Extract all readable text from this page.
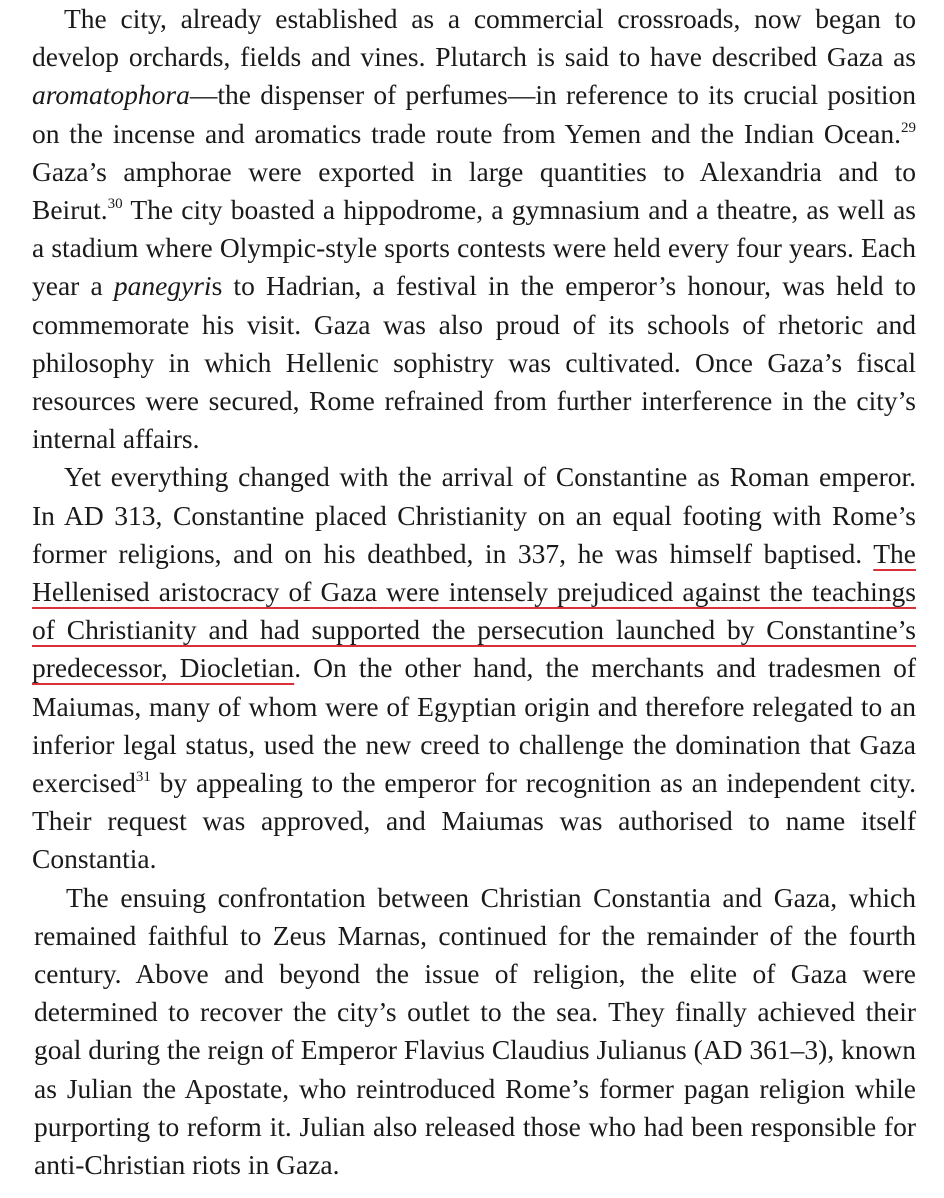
The city, already established as a commercial crossroads, now began to develop orchards, fields and vines. Plutarch is said to have described Gaza as aromatophora—the dispenser of perfumes—in reference to its crucial position on the incense and aromatics trade route from Yemen and the Indian Ocean.$^{29}$ Gaza’s amphorae were exported in large quantities to Alexandria and to Beirut.$^{30}$ The city boasted a hippodrome, a gymnasium and a theatre, as well as a stadium where Olympic-style sports contests were held every four years. Each year a panegyris to Hadrian, a festival in the emperor’s honour, was held to commemorate his visit. Gaza was also proud of its schools of rhetoric and philosophy in which Hellenic sophistry was cultivated. Once Gaza’s fiscal resources were secured, Rome refrained from further interference in the city’s internal affairs.

Yet everything changed with the arrival of Constantine as Roman emperor. In AD 313, Constantine placed Christianity on an equal footing with Rome’s former religions, and on his deathbed, in 337, he was himself baptised. The Hellenised aristocracy of Gaza were intensely prejudiced against the teachings of Christianity and had supported the persecution launched by Constantine’s predecessor, Diocletian. On the other hand, the merchants and tradesmen of Maiumas, many of whom were of Egyptian origin and therefore relegated to an inferior legal status, used the new creed to challenge the domination that Gaza exercised$^{31}$ by appealing to the emperor for recognition as an independent city. Their request was approved, and Maiumas was authorised to name itself Constantia.

The ensuing confrontation between Christian Constantia and Gaza, which remained faithful to Zeus Marnas, continued for the remainder of the fourth century. Above and beyond the issue of religion, the elite of Gaza were determined to recover the city’s outlet to the sea. They finally achieved their goal during the reign of Emperor Flavius Claudius Julianus (AD 361–3), known as Julian the Apostate, who reintroduced Rome’s former pagan religion while purporting to reform it. Julian also released those who had been responsible for anti-Christian riots in Gaza.
